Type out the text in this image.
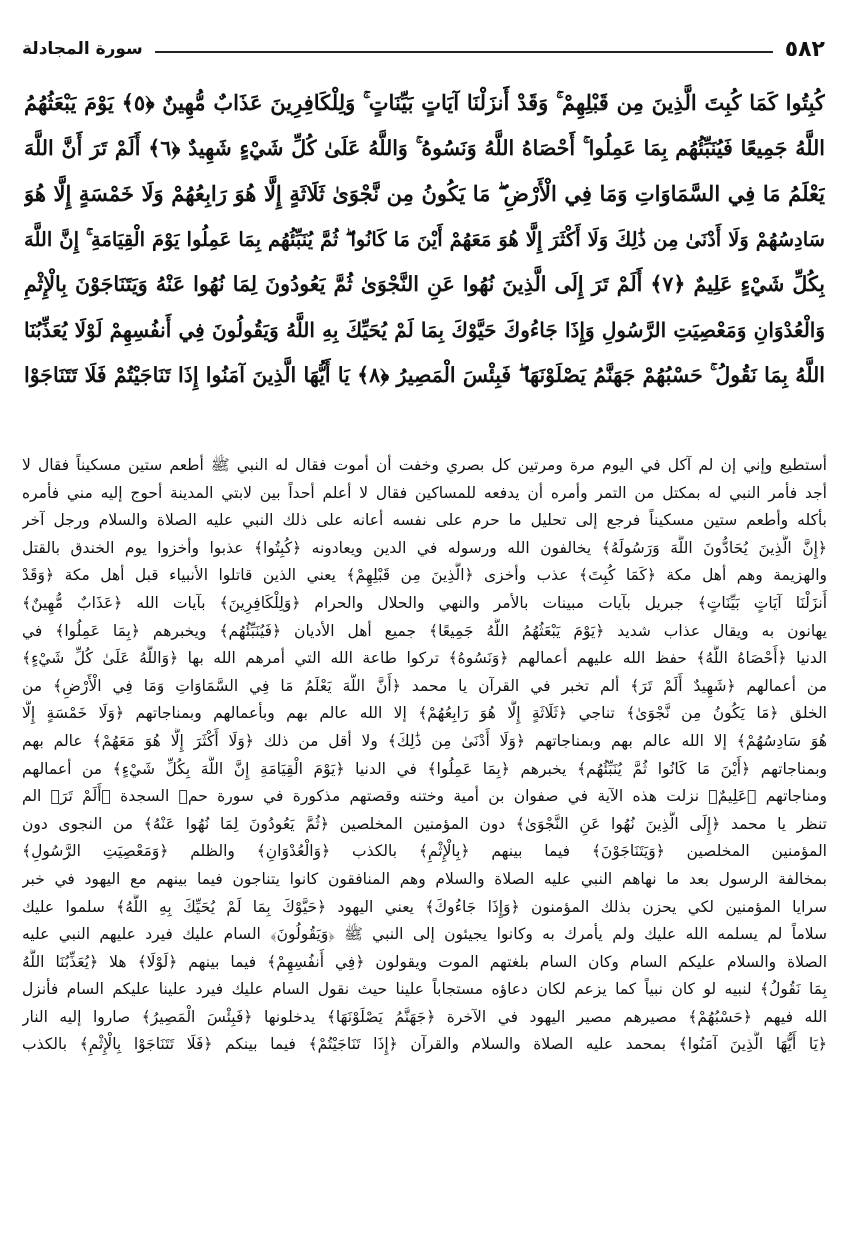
٥٨٢
سورة المجادلة
كُبِتُوا كَمَا كُبِتَ الَّذِينَ مِن قَبْلِهِمْ ۚ وَقَدْ أَنزَلْنَا آيَاتٍ بَيِّنَاتٍ ۚ وَلِلْكَافِرِينَ عَذَابٌ مُّهِينٌ ﴿٥﴾ يَوْمَ يَبْعَثُهُمُ
اللَّهُ جَمِيعًا فَيُنَبِّئُهُم بِمَا عَمِلُوا ۚ أَحْصَاهُ اللَّهُ وَنَسُوهُ ۚ وَاللَّهُ عَلَىٰ كُلِّ شَيْءٍ شَهِيدٌ ﴿٦﴾ أَلَمْ تَرَ أَنَّ اللَّهَ
يَعْلَمُ مَا فِي السَّمَاوَاتِ وَمَا فِي الْأَرْضِ ۖ مَا يَكُونُ مِن نَّجْوَىٰ ثَلَاثَةٍ إِلَّا هُوَ رَابِعُهُمْ وَلَا خَمْسَةٍ إِلَّا هُوَ
سَادِسُهُمْ وَلَا أَدْنَىٰ مِن ذَٰلِكَ وَلَا أَكْثَرَ إِلَّا هُوَ مَعَهُمْ أَيْنَ مَا كَانُوا ۖ ثُمَّ يُنَبِّئُهُم بِمَا عَمِلُوا يَوْمَ الْقِيَامَةِ ۚ إِنَّ اللَّهَ
بِكُلِّ شَيْءٍ عَلِيمٌ ﴿٧﴾ أَلَمْ تَرَ إِلَى الَّذِينَ نُهُوا عَنِ النَّجْوَىٰ ثُمَّ يَعُودُونَ لِمَا نُهُوا عَنْهُ وَيَتَنَاجَوْنَ بِالْإِثْمِ
وَالْعُدْوَانِ وَمَعْصِيَتِ الرَّسُولِ وَإِذَا جَاءُوكَ حَيَّوْكَ بِمَا لَمْ يُحَيِّكَ بِهِ اللَّهُ وَيَقُولُونَ فِي أَنفُسِهِمْ لَوْلَا يُعَذِّبُنَا
اللَّهُ بِمَا نَقُولُ ۚ حَسْبُهُمْ جَهَنَّمُ يَصْلَوْنَهَا ۖ فَبِئْسَ الْمَصِيرُ ﴿٨﴾ يَا أَيُّهَا الَّذِينَ آمَنُوا إِذَا تَنَاجَيْتُمْ فَلَا تَتَنَاجَوْا
أستطيع وإني إن لم آكل في اليوم مرة ومرتين كل بصري وخفت أن أموت فقال له النبي ﷺ أطعم ستين مسكيناً فقال لا
أجد فأمر النبي له بمكتل من التمر وأمره أن يدفعه للمساكين فقال لا أعلم أحداً بين لابتي المدينة أحوج إليه مني فأمره
بأكله وأطعم ستين مسكيناً فرجع إلى تحليل ما حرم على نفسه أعانه على ذلك النبي عليه الصلاة والسلام ورجل آخر
﴿إِنَّ الَّذِينَ يُحَادُّونَ اللَّهَ وَرَسُولَهُ﴾ يخالفون الله ورسوله في الدين ويعادونه ﴿كُبِتُوا﴾ عذبوا وأخزوا يوم الخندق بالقتل
والهزيمة وهم أهل مكة ﴿كَمَا كُبِتَ﴾ عذب وأخزى ﴿الَّذِينَ مِن قَبْلِهِمْ﴾ يعني الذين قاتلوا الأنبياء قبل أهل مكة ﴿وَقَدْ
أَنزَلْنَا آيَاتٍ بَيِّنَاتٍ﴾ جبريل بآيات مبينات بالأمر والنهي والحلال والحرام ﴿وَلِلْكَافِرِينَ﴾ بآيات الله ﴿عَذَابٌ مُّهِينٌ﴾
يهانون به ويقال عذاب شديد ﴿يَوْمَ يَبْعَثُهُمُ اللَّهُ جَمِيعًا﴾ جميع أهل الأديان ﴿فَيُنَبِّئُهُم﴾ ويخبرهم ﴿بِمَا عَمِلُوا﴾ في
الدنيا ﴿أَحْصَاهُ اللَّهُ﴾ حفظ الله عليهم أعمالهم ﴿وَنَسُوهُ﴾ تركوا طاعة الله التي أمرهم الله بها ﴿وَاللَّهُ عَلَىٰ كُلِّ شَيْءٍ﴾
من أعمالهم ﴿شَهِيدٌ أَلَمْ تَرَ﴾ ألم تخبر في القرآن يا محمد ﴿أَنَّ اللَّهَ يَعْلَمُ مَا فِي السَّمَاوَاتِ وَمَا فِي الْأَرْضِ﴾ من
الخلق ﴿مَا يَكُونُ مِن نَّجْوَىٰ﴾ تناجي ﴿ثَلَاثَةٍ إِلَّا هُوَ رَابِعُهُمْ﴾ إلا الله عالم بهم وبأعمالهم وبمناجاتهم ﴿وَلَا خَمْسَةٍ إِلَّا
هُوَ سَادِسُهُمْ﴾ إلا الله عالم بهم وبمناجاتهم ﴿وَلَا أَدْنَىٰ مِن ذَٰلِكَ﴾ ولا أقل من ذلك ﴿وَلَا أَكْثَرَ إِلَّا هُوَ مَعَهُمْ﴾ عالم بهم
وبمناجاتهم ﴿أَيْنَ مَا كَانُوا ثُمَّ يُنَبِّئُهُم﴾ يخبرهم ﴿بِمَا عَمِلُوا﴾ في الدنيا ﴿يَوْمَ الْقِيَامَةِ إِنَّ اللَّهَ بِكُلِّ شَيْءٍ﴾ من أعمالهم
ومناجاتهم ﴿عَلِيمٌ﴾ نزلت هذه الآية في صفوان بن أمية وختنه وقصتهم مذكورة في سورة حمۤ السجدة ﴿أَلَمْ تَرَ﴾ الم
تنظر يا محمد ﴿إِلَى الَّذِينَ نُهُوا عَنِ النَّجْوَىٰ﴾ دون المؤمنين المخلصين ﴿ثُمَّ يَعُودُونَ لِمَا نُهُوا عَنْهُ﴾ من النجوى دون
المؤمنين المخلصين ﴿وَيَتَنَاجَوْنَ﴾ فيما بينهم ﴿بِالْإِثْمِ﴾ بالكذب ﴿وَالْعُدْوَانِ﴾ والظلم ﴿وَمَعْصِيَتِ الرَّسُولِ﴾
بمخالفة الرسول بعد ما نهاهم النبي عليه الصلاة والسلام وهم المنافقون كانوا يتناجون فيما بينهم مع اليهود في خبر
سرايا المؤمنين لكي يحزن بذلك المؤمنون ﴿وَإِذَا جَاءُوكَ﴾ يعني اليهود ﴿حَيَّوْكَ بِمَا لَمْ يُحَيِّكَ بِهِ اللَّهُ﴾ سلموا عليك
سلاماً لم يسلمه الله عليك ولم يأمرك به وكانوا يجيئون إلى النبي ﷺ ﴿وَيَقُولُونَ﴾ السام عليك فيرد عليهم النبي عليه
الصلاة والسلام عليكم السام وكان السام بلغتهم الموت ويقولون ﴿فِي أَنفُسِهِمْ﴾ فيما بينهم ﴿لَوْلَا﴾ هلا ﴿يُعَذِّبُنَا اللَّهُ
بِمَا نَقُولُ﴾ لنبيه لو كان نبياً كما يزعم لكان دعاؤه مستجاباً علينا حيث نقول السام عليك فيرد علينا عليكم السام فأنزل
الله فيهم ﴿حَسْبُهُمْ﴾ مصيرهم مصير اليهود في الآخرة ﴿جَهَنَّمُ يَصْلَوْنَهَا﴾ يدخلونها ﴿فَبِئْسَ الْمَصِيرُ﴾ صاروا إليه النار
﴿يَا أَيُّهَا الَّذِينَ آمَنُوا﴾ بمحمد عليه الصلاة والسلام والقرآن ﴿إِذَا تَنَاجَيْتُمْ﴾ فيما بينكم ﴿فَلَا تَتَنَاجَوْا بِالْإِثْمِ﴾ بالكذب
